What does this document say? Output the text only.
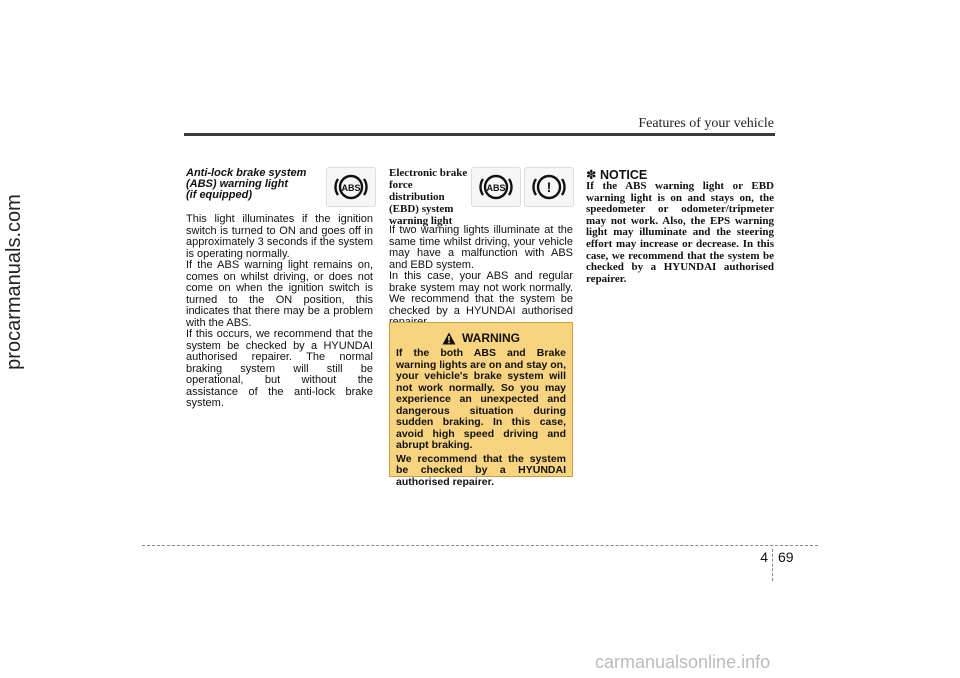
Features of your vehicle
procarmanuals.com
Anti-lock brake system
(ABS) warning light
(if equipped)
ABS

This light illuminates if the ignition switch is turned to ON and goes off in approximately 3 seconds if the system is operating normally.

If the ABS warning light remains on, comes on whilst driving, or does not come on when the ignition switch is turned to the ON position, this indicates that there may be a problem with the ABS.

If this occurs, we recommend that the system be checked by a HYUNDAI authorised repairer. The normal braking system will still be operational, but without the assistance of the anti-lock brake system.

Electronic brake
force distribution
(EBD) system
warning light
ABS	!

If two warning lights illuminate at the same time whilst driving, your vehicle may have a malfunction with ABS and EBD system.

In this case, your ABS and regular brake system may not work normally. We recommend that the system be checked by a HYUNDAI authorised

WARNING

If the both ABS and Brake warning lights are on and stay on, your vehicle's brake system will not work normally. So you may experience an unexpected and dangerous situation during sudden braking. In this case, avoid high speed driving and abrupt braking.

We recommend that the system be checked by a HYUNDAI authorised repairer.

✽ NOTICE
If the ABS warning light or EBD warning light is on and stays on, the speedometer or odometer/tripmeter may not work. Also, the EPS warning light may illuminate and the steering effort may increase or decrease. In this case, we recommend that the system be checked by a HYUNDAI authorised repairer.
4 69
carmanualsonline.info
